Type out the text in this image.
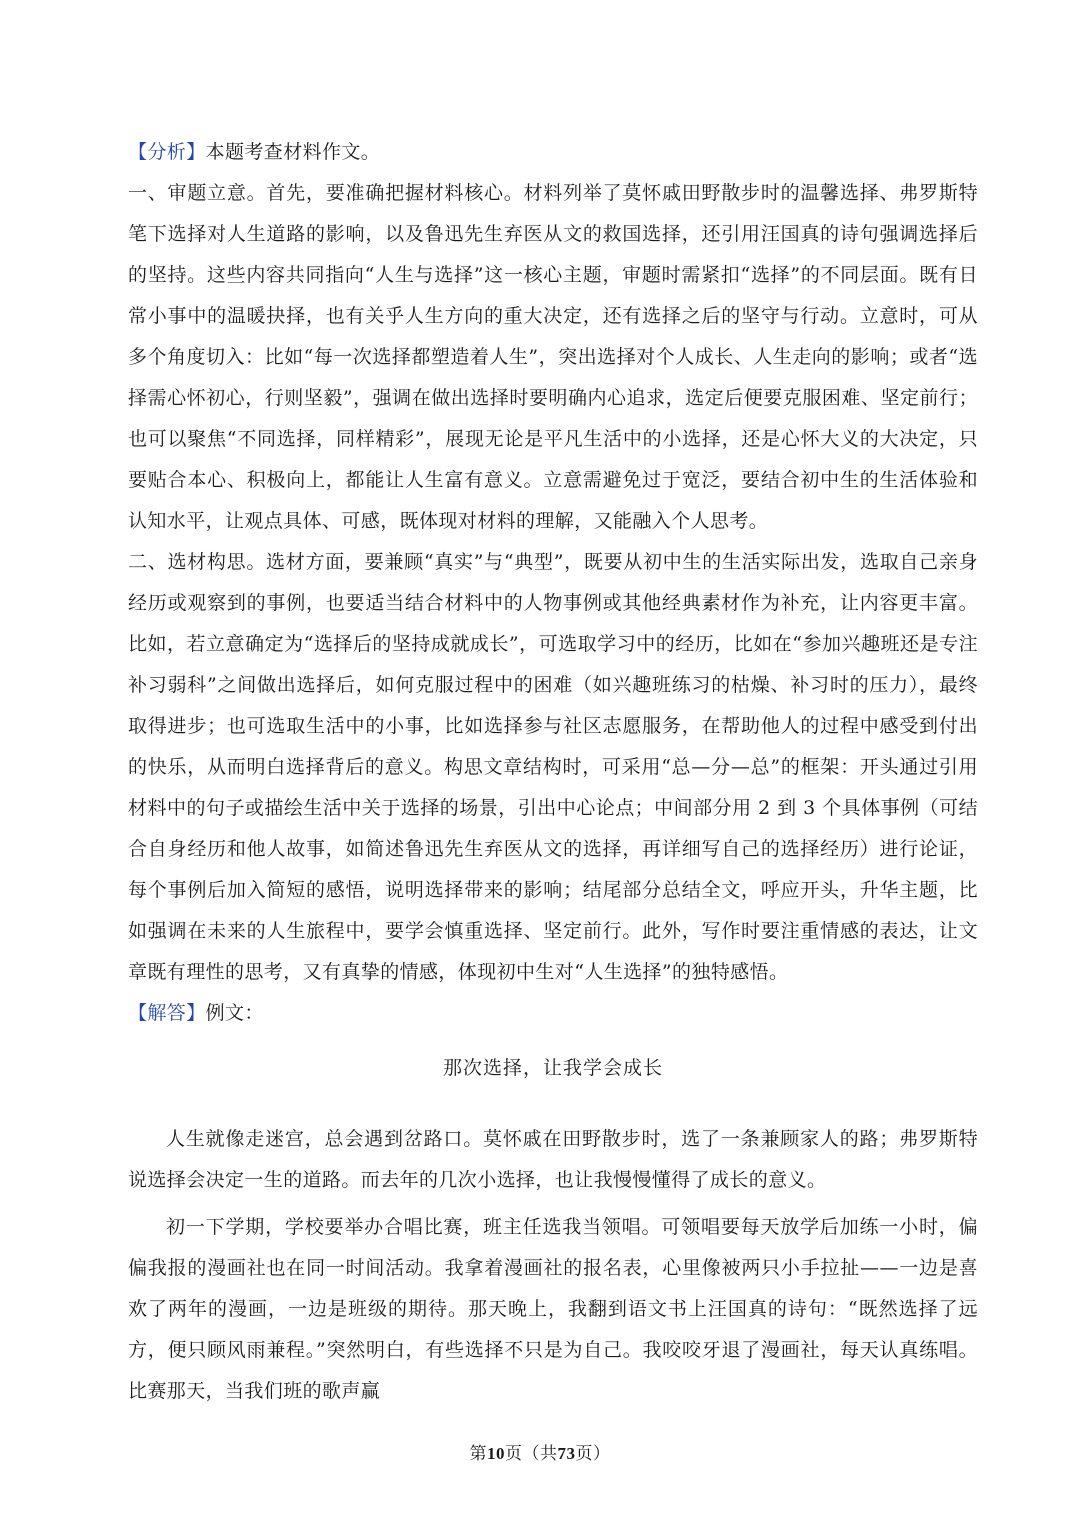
【分析】本题考查材料作文。

一、审题立意。首先，要准确把握材料核心。材料列举了莫怀戚田野散步时的温馨选择、弗罗斯特笔下选择对人生道路的影响，以及鲁迅先生弃医从文的救国选择，还引用汪国真的诗句强调选择后的坚持。这些内容共同指向“人生与选择”这一核心主题，审题时需紧扣“选择”的不同层面。既有日常小事中的温暖抉择，也有关乎人生方向的重大决定，还有选择之后的坚守与行动。立意时，可从多个角度切入：比如“每一次选择都塑造着人生”，突出选择对个人成长、人生走向的影响；或者“选择需心怀初心，行则坚毅”，强调在做出选择时要明确内心追求，选定后便要克服困难、坚定前行；也可以聚焦“不同选择，同样精彩”，展现无论是平凡生活中的小选择，还是心怀大义的大决定，只要贴合本心、积极向上，都能让人生富有意义。立意需避免过于宽泛，要结合初中生的生活体验和认知水平，让观点具体、可感，既体现对材料的理解，又能融入个人思考。

二、选材构思。选材方面，要兼顾“真实”与“典型”，既要从初中生的生活实际出发，选取自己亲身经历或观察到的事例，也要适当结合材料中的人物事例或其他经典素材作为补充，让内容更丰富。比如，若立意确定为“选择后的坚持成就成长”，可选取学习中的经历，比如在“参加兴趣班还是专注补习弱科”之间做出选择后，如何克服过程中的困难（如兴趣班练习的枯燥、补习时的压力），最终取得进步；也可选取生活中的小事，比如选择参与社区志愿服务，在帮助他人的过程中感受到付出的快乐，从而明白选择背后的意义。构思文章结构时，可采用“总—分—总”的框架：开头通过引用材料中的句子或描绘生活中关于选择的场景，引出中心论点；中间部分用 2 到 3 个具体事例（可结合自身经历和他人故事，如简述鲁迅先生弃医从文的选择，再详细写自己的选择经历）进行论证，每个事例后加入简短的感悟，说明选择带来的影响；结尾部分总结全文，呼应开头，升华主题，比如强调在未来的人生旅程中，要学会慎重选择、坚定前行。此外，写作时要注重情感的表达，让文章既有理性的思考，又有真挚的情感，体现初中生对“人生选择”的独特感悟。

【解答】例文：

那次选择，让我学会成长

人生就像走迷宫，总会遇到岔路口。莫怀戚在田野散步时，选了一条兼顾家人的路；弗罗斯特说选择会决定一生的道路。而去年的几次小选择，也让我慢慢懂得了成长的意义。

初一下学期，学校要举办合唱比赛，班主任选我当领唱。可领唱要每天放学后加练一小时，偏偏我报的漫画社也在同一时间活动。我拿着漫画社的报名表，心里像被两只小手拉扯——一边是喜欢了两年的漫画，一边是班级的期待。那天晚上，我翻到语文书上汪国真的诗句：“既然选择了远方，便只顾风雨兼程。”突然明白，有些选择不只是为自己。我咬咬牙退了漫画社，每天认真练唱。比赛那天，当我们班的歌声赢

第10页（共73页）
